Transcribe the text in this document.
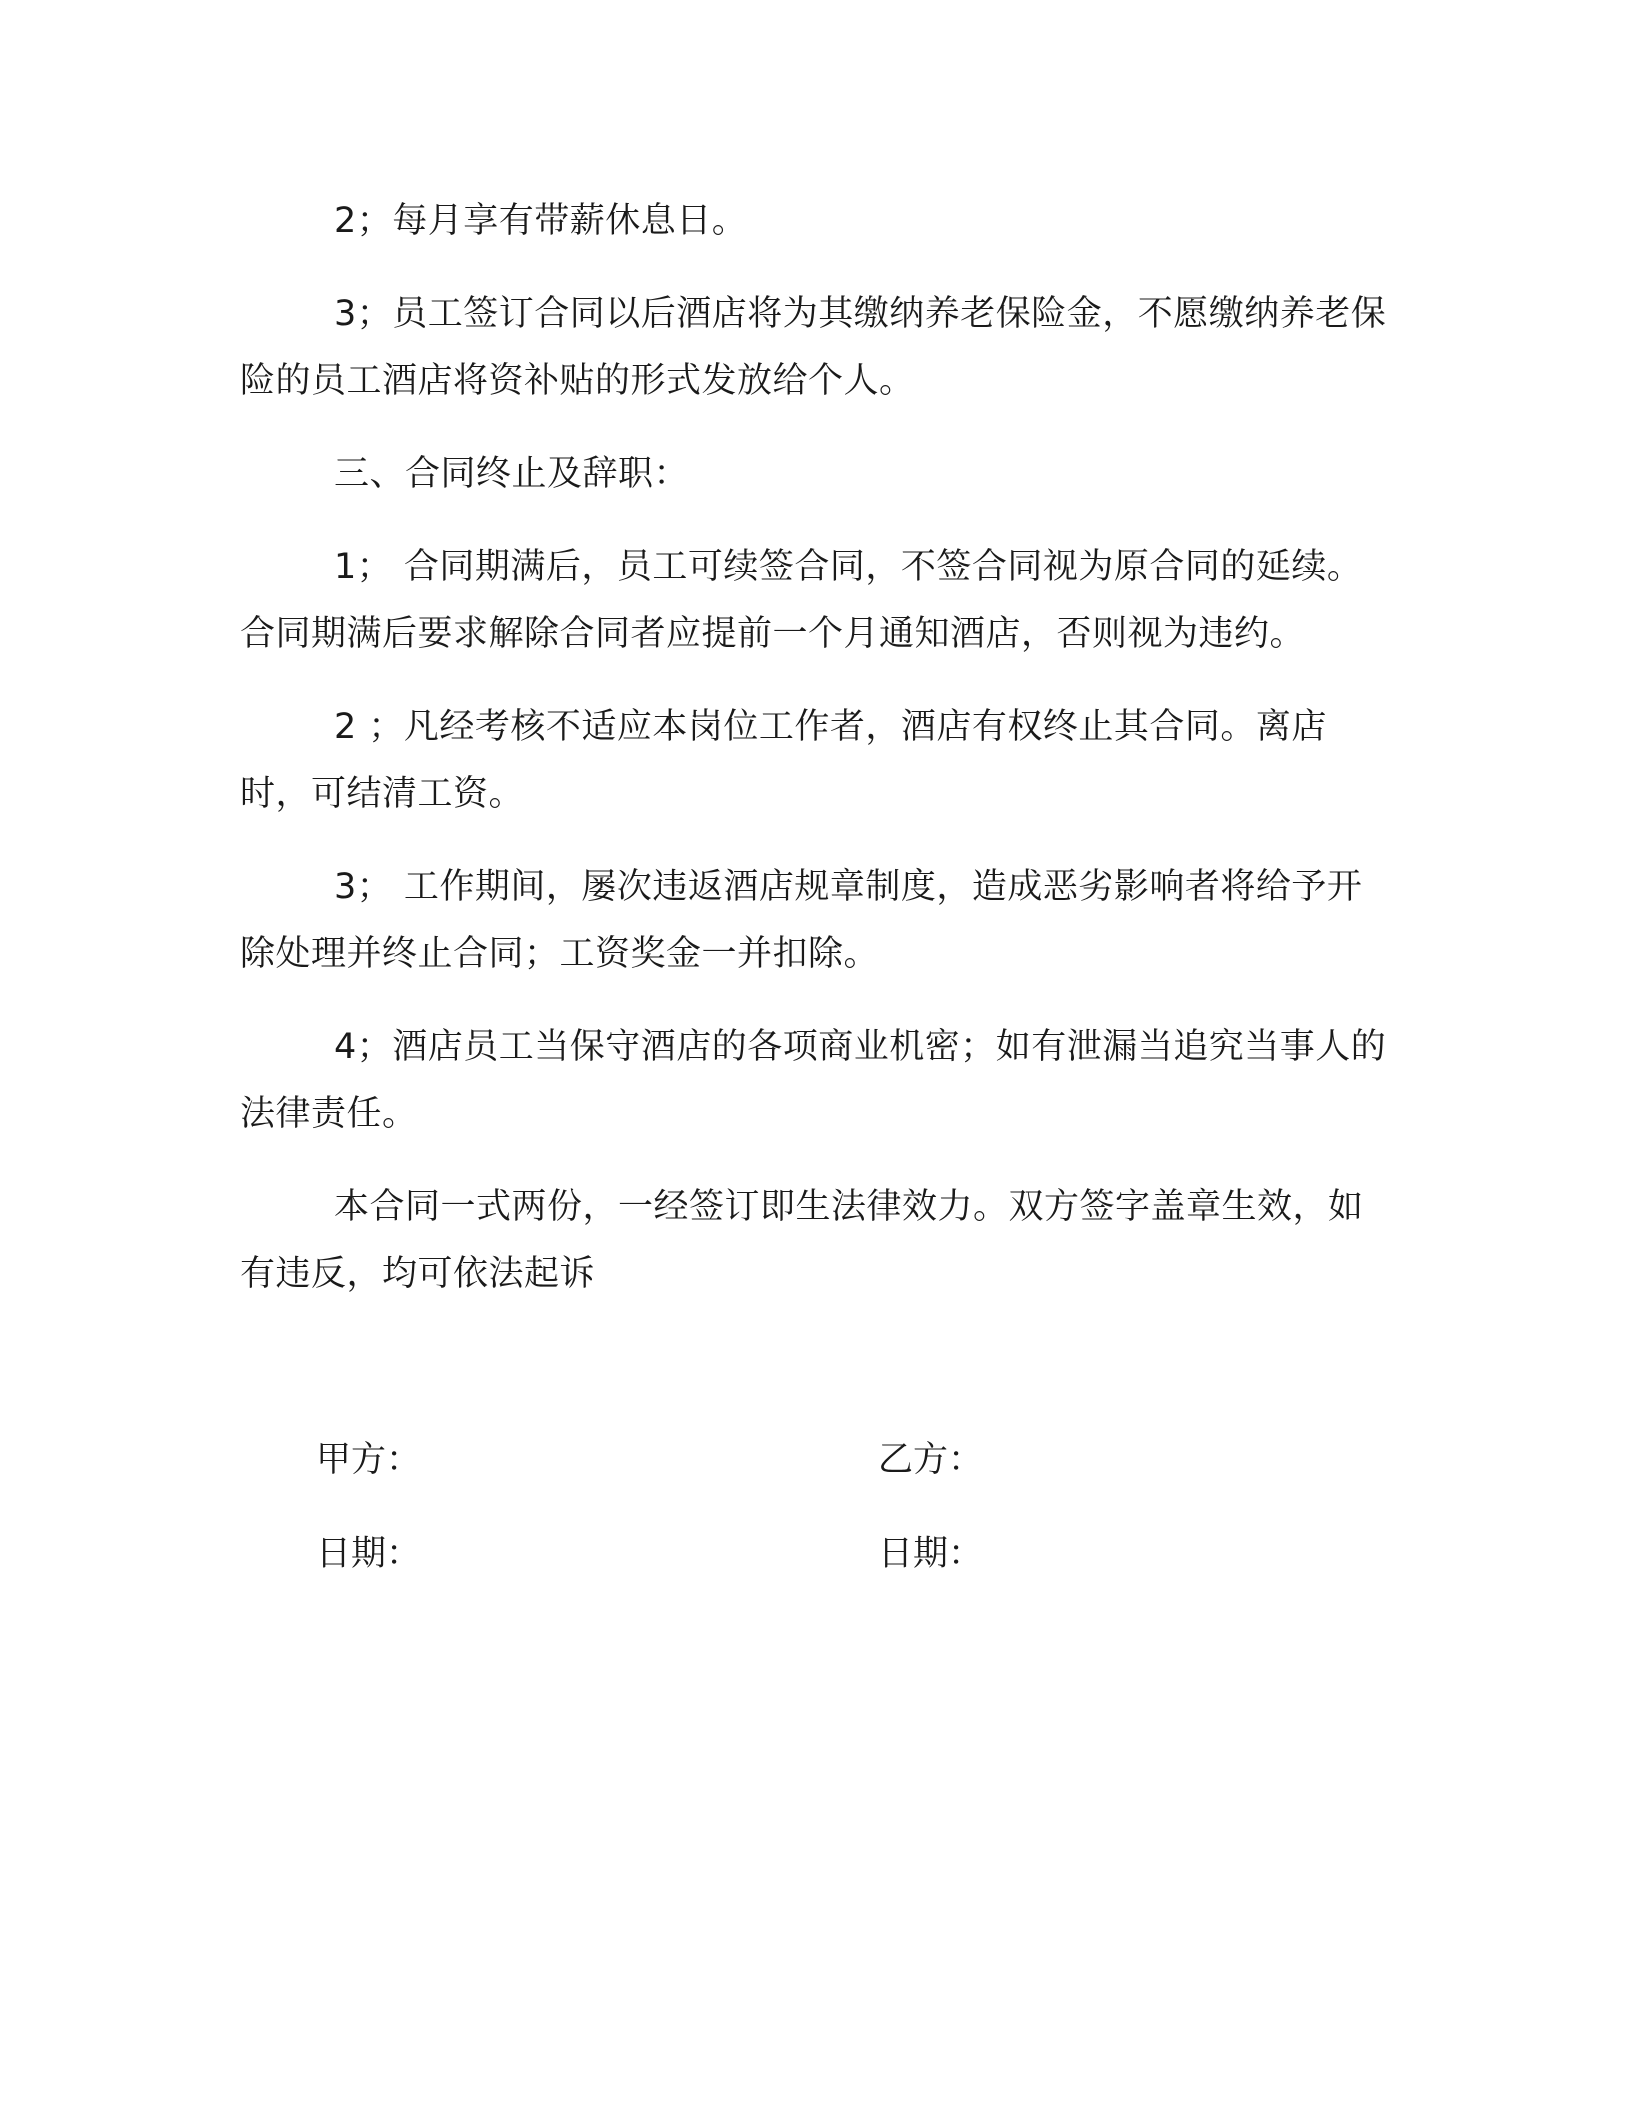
2；每月享有带薪休息日。

3；员工签订合同以后酒店将为其缴纳养老保险金，不愿缴纳养老保险的员工酒店将资补贴的形式发放给个人。

三、合同终止及辞职：

1； 合同期满后，员工可续签合同，不签合同视为原合同的延续。合同期满后要求解除合同者应提前一个月通知酒店，否则视为违约。

2 ；凡经考核不适应本岗位工作者，酒店有权终止其合同。离店时，可结清工资。

3； 工作期间，屡次违返酒店规章制度，造成恶劣影响者将给予开除处理并终止合同；工资奖金一并扣除。

4；酒店员工当保守酒店的各项商业机密；如有泄漏当追究当事人的法律责任。

本合同一式两份，一经签订即生法律效力。双方签字盖章生效，如有违反，均可依法起诉

甲方：	乙方：
日期：	日期：
